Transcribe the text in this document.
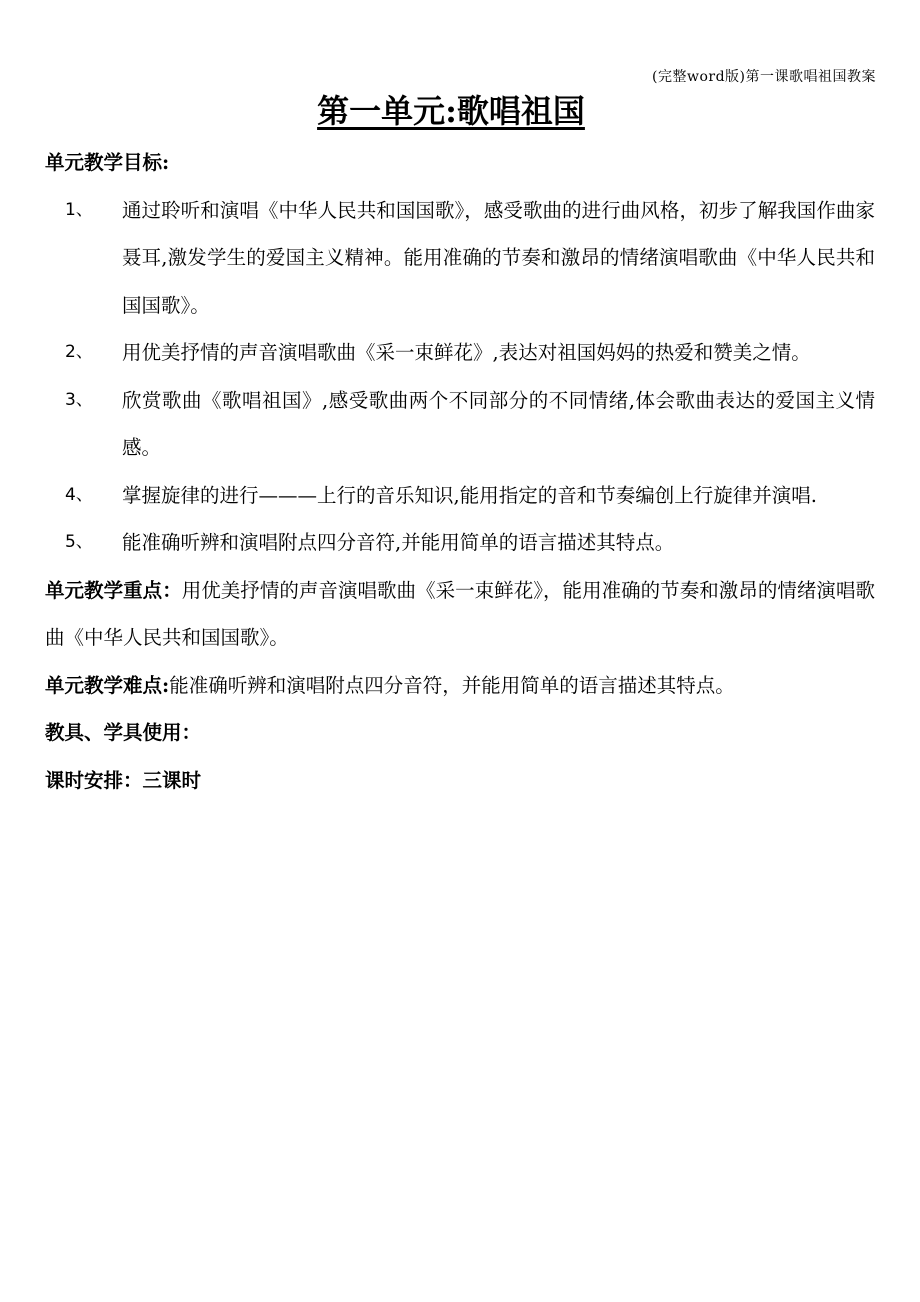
(完整word版)第一课歌唱祖国教案
第一单元:歌唱祖国

单元教学目标:

1、 通过聆听和演唱《中华人民共和国国歌》，感受歌曲的进行曲风格，初步了解我国作曲家聂耳,激发学生的爱国主义精神。能用准确的节奏和激昂的情绪演唱歌曲《中华人民共和国国歌》。
2、 用优美抒情的声音演唱歌曲《采一束鲜花》,表达对祖国妈妈的热爱和赞美之情。
3、 欣赏歌曲《歌唱祖国》,感受歌曲两个不同部分的不同情绪,体会歌曲表达的爱国主义情感。
4、 掌握旋律的进行———上行的音乐知识,能用指定的音和节奏编创上行旋律并演唱.
5、 能准确听辨和演唱附点四分音符,并能用简单的语言描述其特点。

单元教学重点：用优美抒情的声音演唱歌曲《采一束鲜花》，能用准确的节奏和激昂的情绪演唱歌曲《中华人民共和国国歌》。

单元教学难点:能准确听辨和演唱附点四分音符，并能用简单的语言描述其特点。

教具、学具使用：

课时安排：三课时
